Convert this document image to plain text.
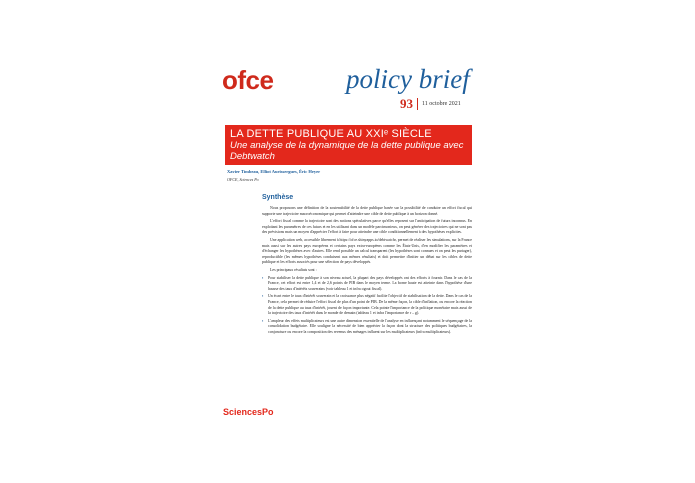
ofce	policy brief
93 11 octobre 2021
LA DETTE PUBLIQUE AU XXIᵉ SIÈCLE
Une analyse de la dynamique de la dette publique avec Debtwatch
Xavier Timbeau, Elliot Aurissergues, Éric Heyer
OFCE, Sciences Po
Synthèse

Nous proposons une définition de la soutenabilité de la dette publique basée sur la possibilité de conduire un effort fiscal qui supporte une trajectoire macroéconomique qui permet d'atteindre une cible de dette publique à un horizon donné.

L'effort fiscal comme la trajectoire sont des notions spéculatives parce qu'elles reposent sur l'anticipation de futurs inconnus. En exploitant les paramètres de ces futurs et en les utilisant dans un modèle parcimonieux, on peut générer des trajectoires qui ne sont pas des prévisions mais un moyen d'apprécier l'effort à faire pour atteindre une cible conditionnellement à des hypothèses explicites.

Une application web, accessible librement à https://ofce.shinyapps.io/debtwatchr, permet de réaliser les simulations, sur la France mais aussi sur les autres pays européens et certains pays extra-européens comme les États-Unis, d'en modifier les paramètres et d'échanger les hypothèses avec d'autres. Elle rend possible un calcul transparent (les hypothèses sont connues et on peut les partager), reproductible (les mêmes hypothèses conduisent aux mêmes résultats) et doit permettre d'initier un débat sur les cibles de dette publique et les efforts associés pour une sélection de pays développés.

Les principaux résultats sont :

▪ Pour stabiliser la dette publique à son niveau actuel, la plupart des pays développés ont des efforts à fournir. Dans le cas de la France, cet effort est entre 1,4 et de 2,6 points de PIB dans le moyen terme. La borne haute est atteinte dans l'hypothèse d'une hausse des taux d'intérêts souverains (voir tableau 1 et infra σgout fiscal).
▪ Un écart entre le taux d'intérêt souverain et la croissance plus négatif facilite l'objectif de stabilisation de la dette. Dans le cas de la France, cela permet de réduire l'effort fiscal de plus d'un point de PIB. De la même façon, la cible d'inflation, ou encore la réaction de la dette publique au taux d'intérêt, jouent de façon importante. Cela pointe l'importance de la politique monétaire mais aussi de la trajectoire des taux d'intérêt dans le monde de demain (tableau 1 et infra l'importance de r – g).
▪ L'ampleur des effets multiplicateurs est une autre dimension essentielle de l'analyse en influençant notamment le séquençage de la consolidation budgétaire. Elle souligne la nécessité de bien apprécier la façon dont la structure des politiques budgétaires, la conjoncture ou encore la composition des revenus des ménages influent sur les multiplicateurs (infra multiplicateurs).
SciencesPo
